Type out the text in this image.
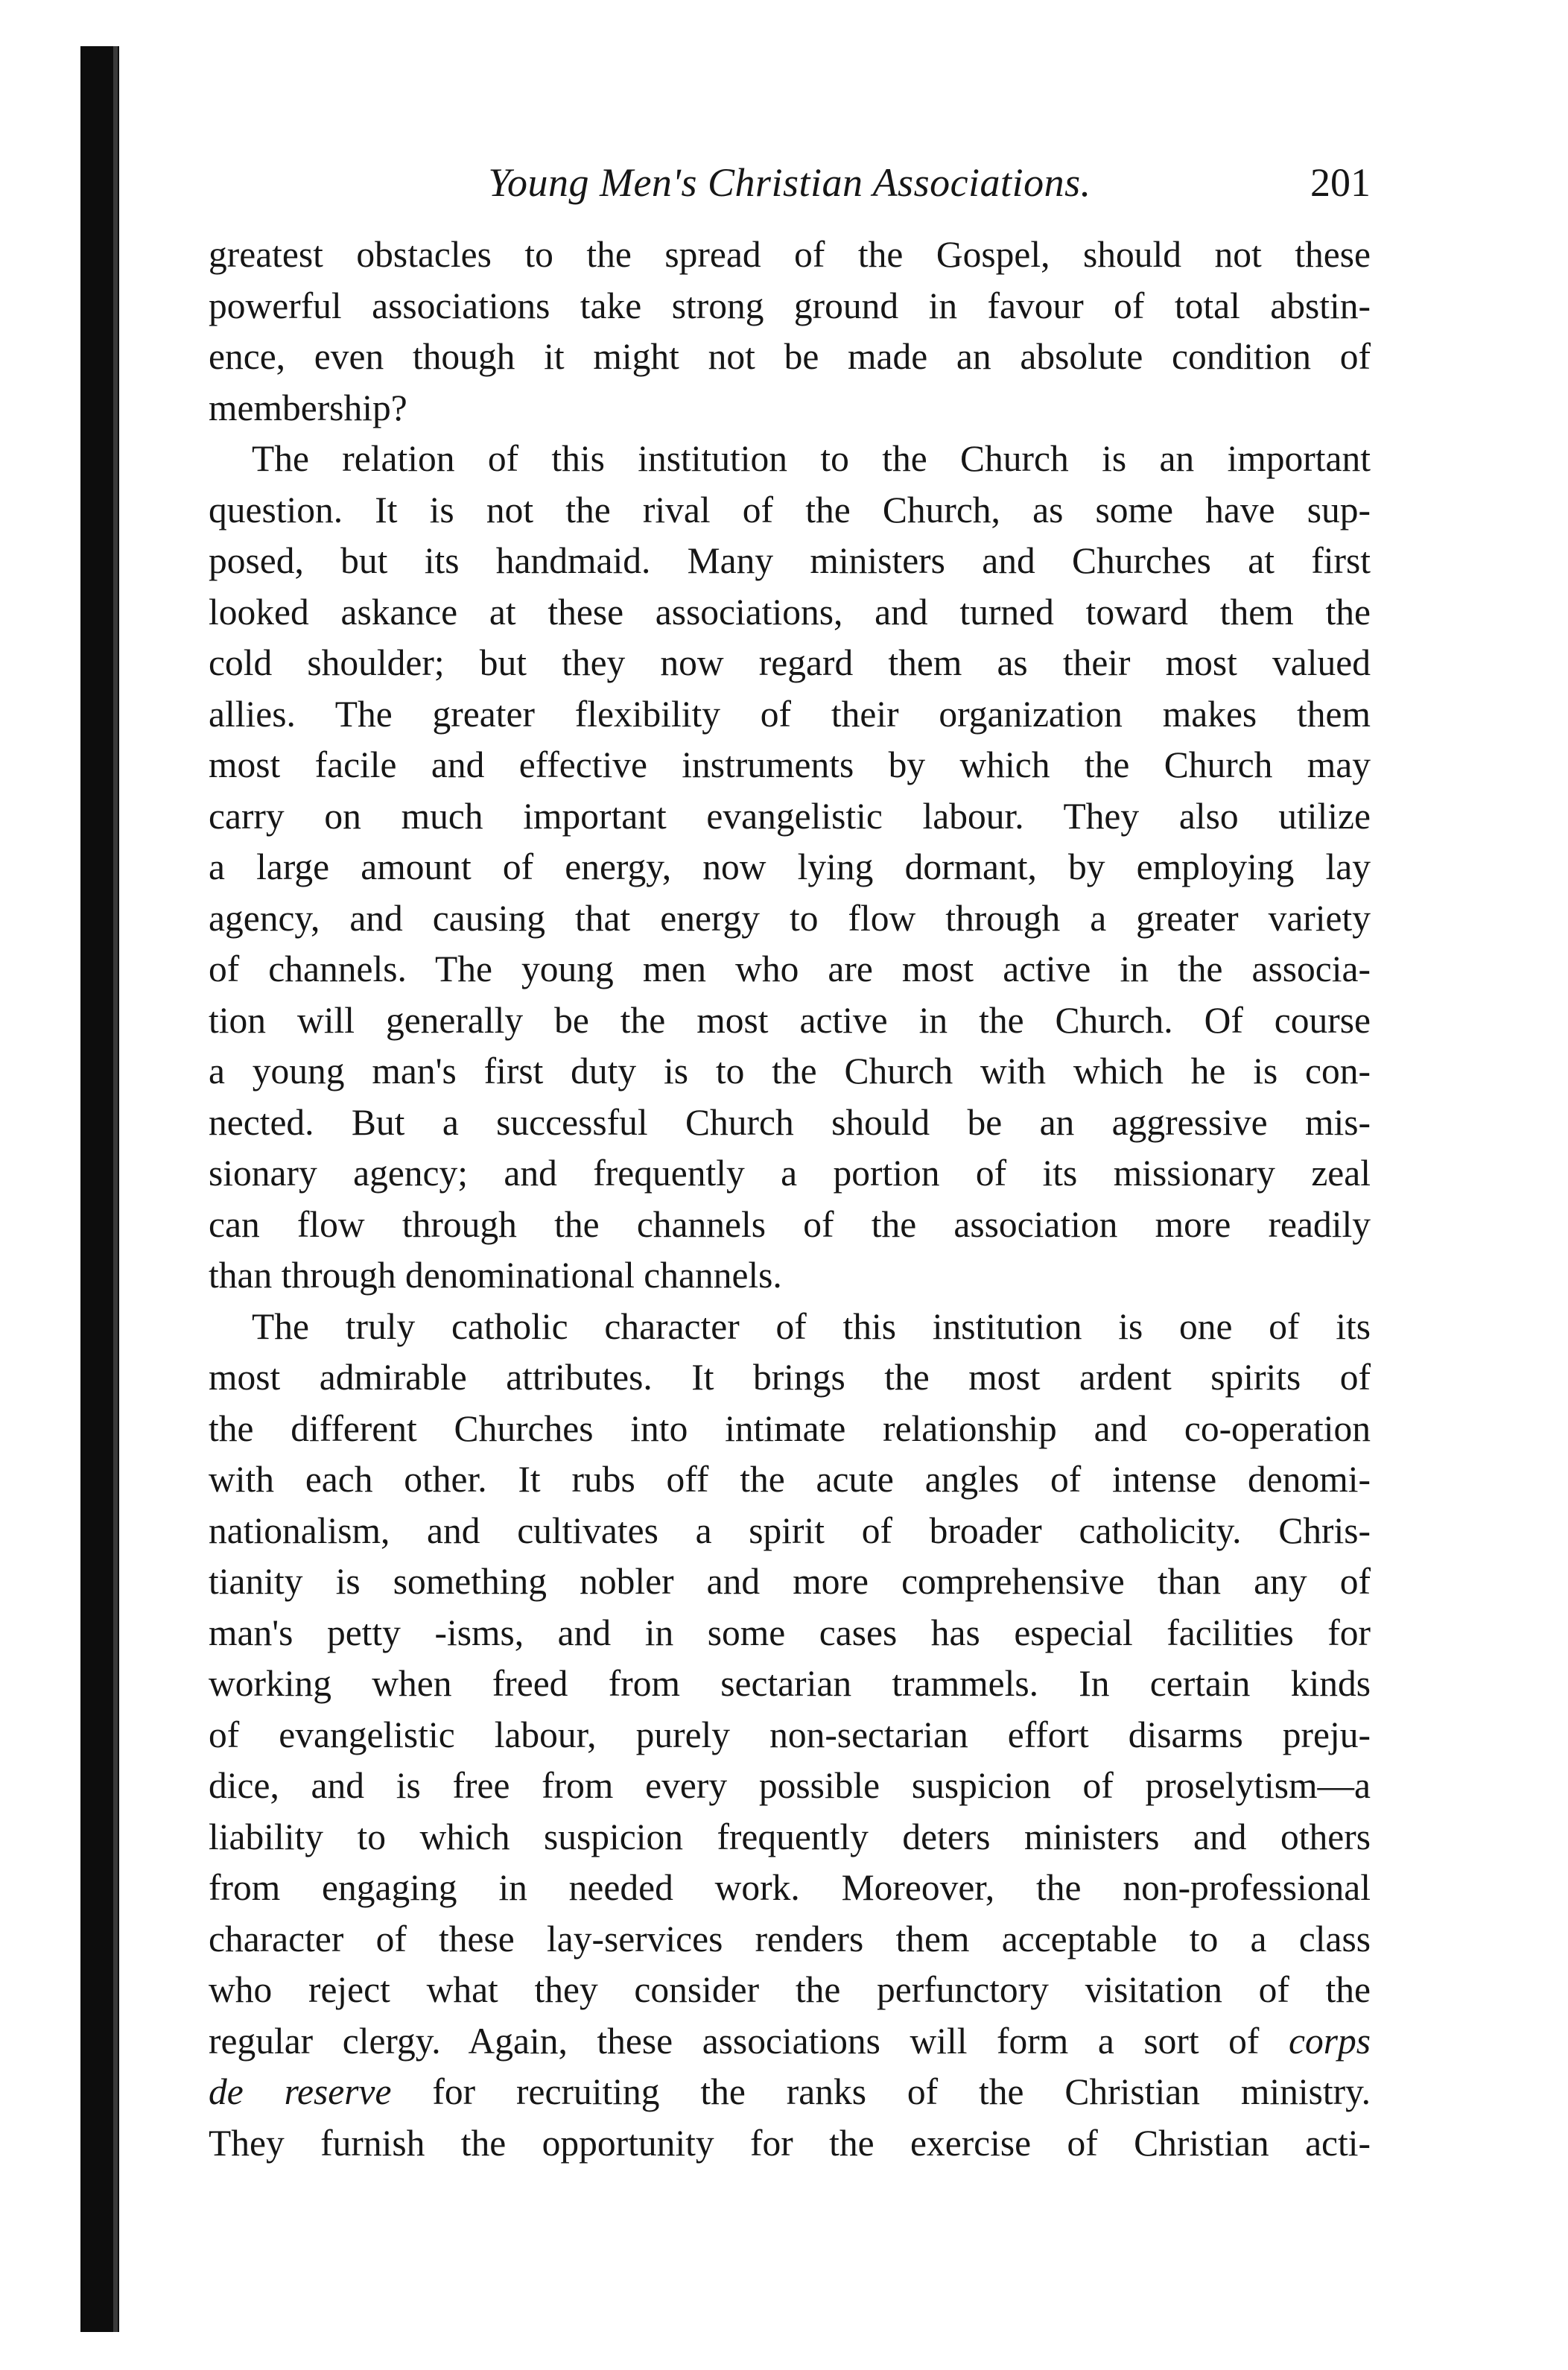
Young Men's Christian Associations.	201
greatest obstacles to the spread of the Gospel, should not these
powerful associations take strong ground in favour of total abstin-
ence, even though it might not be made an absolute condition of
membership?
The relation of this institution to the Church is an important
question. It is not the rival of the Church, as some have sup-
posed, but its handmaid. Many ministers and Churches at first
looked askance at these associations, and turned toward them the
cold shoulder; but they now regard them as their most valued
allies. The greater flexibility of their organization makes them
most facile and effective instruments by which the Church may
carry on much important evangelistic labour. They also utilize
a large amount of energy, now lying dormant, by employing lay
agency, and causing that energy to flow through a greater variety
of channels. The young men who are most active in the associa-
tion will generally be the most active in the Church. Of course
a young man's first duty is to the Church with which he is con-
nected. But a successful Church should be an aggressive mis-
sionary agency; and frequently a portion of its missionary zeal
can flow through the channels of the association more readily
than through denominational channels.
The truly catholic character of this institution is one of its
most admirable attributes. It brings the most ardent spirits of
the different Churches into intimate relationship and co-operation
with each other. It rubs off the acute angles of intense denomi-
nationalism, and cultivates a spirit of broader catholicity. Chris-
tianity is something nobler and more comprehensive than any of
man's petty -isms, and in some cases has especial facilities for
working when freed from sectarian trammels. In certain kinds
of evangelistic labour, purely non-sectarian effort disarms preju-
dice, and is free from every possible suspicion of proselytism—a
liability to which suspicion frequently deters ministers and others
from engaging in needed work. Moreover, the non-professional
character of these lay-services renders them acceptable to a class
who reject what they consider the perfunctory visitation of the
regular clergy. Again, these associations will form a sort of corps
de reserve for recruiting the ranks of the Christian ministry.
They furnish the opportunity for the exercise of Christian acti-
